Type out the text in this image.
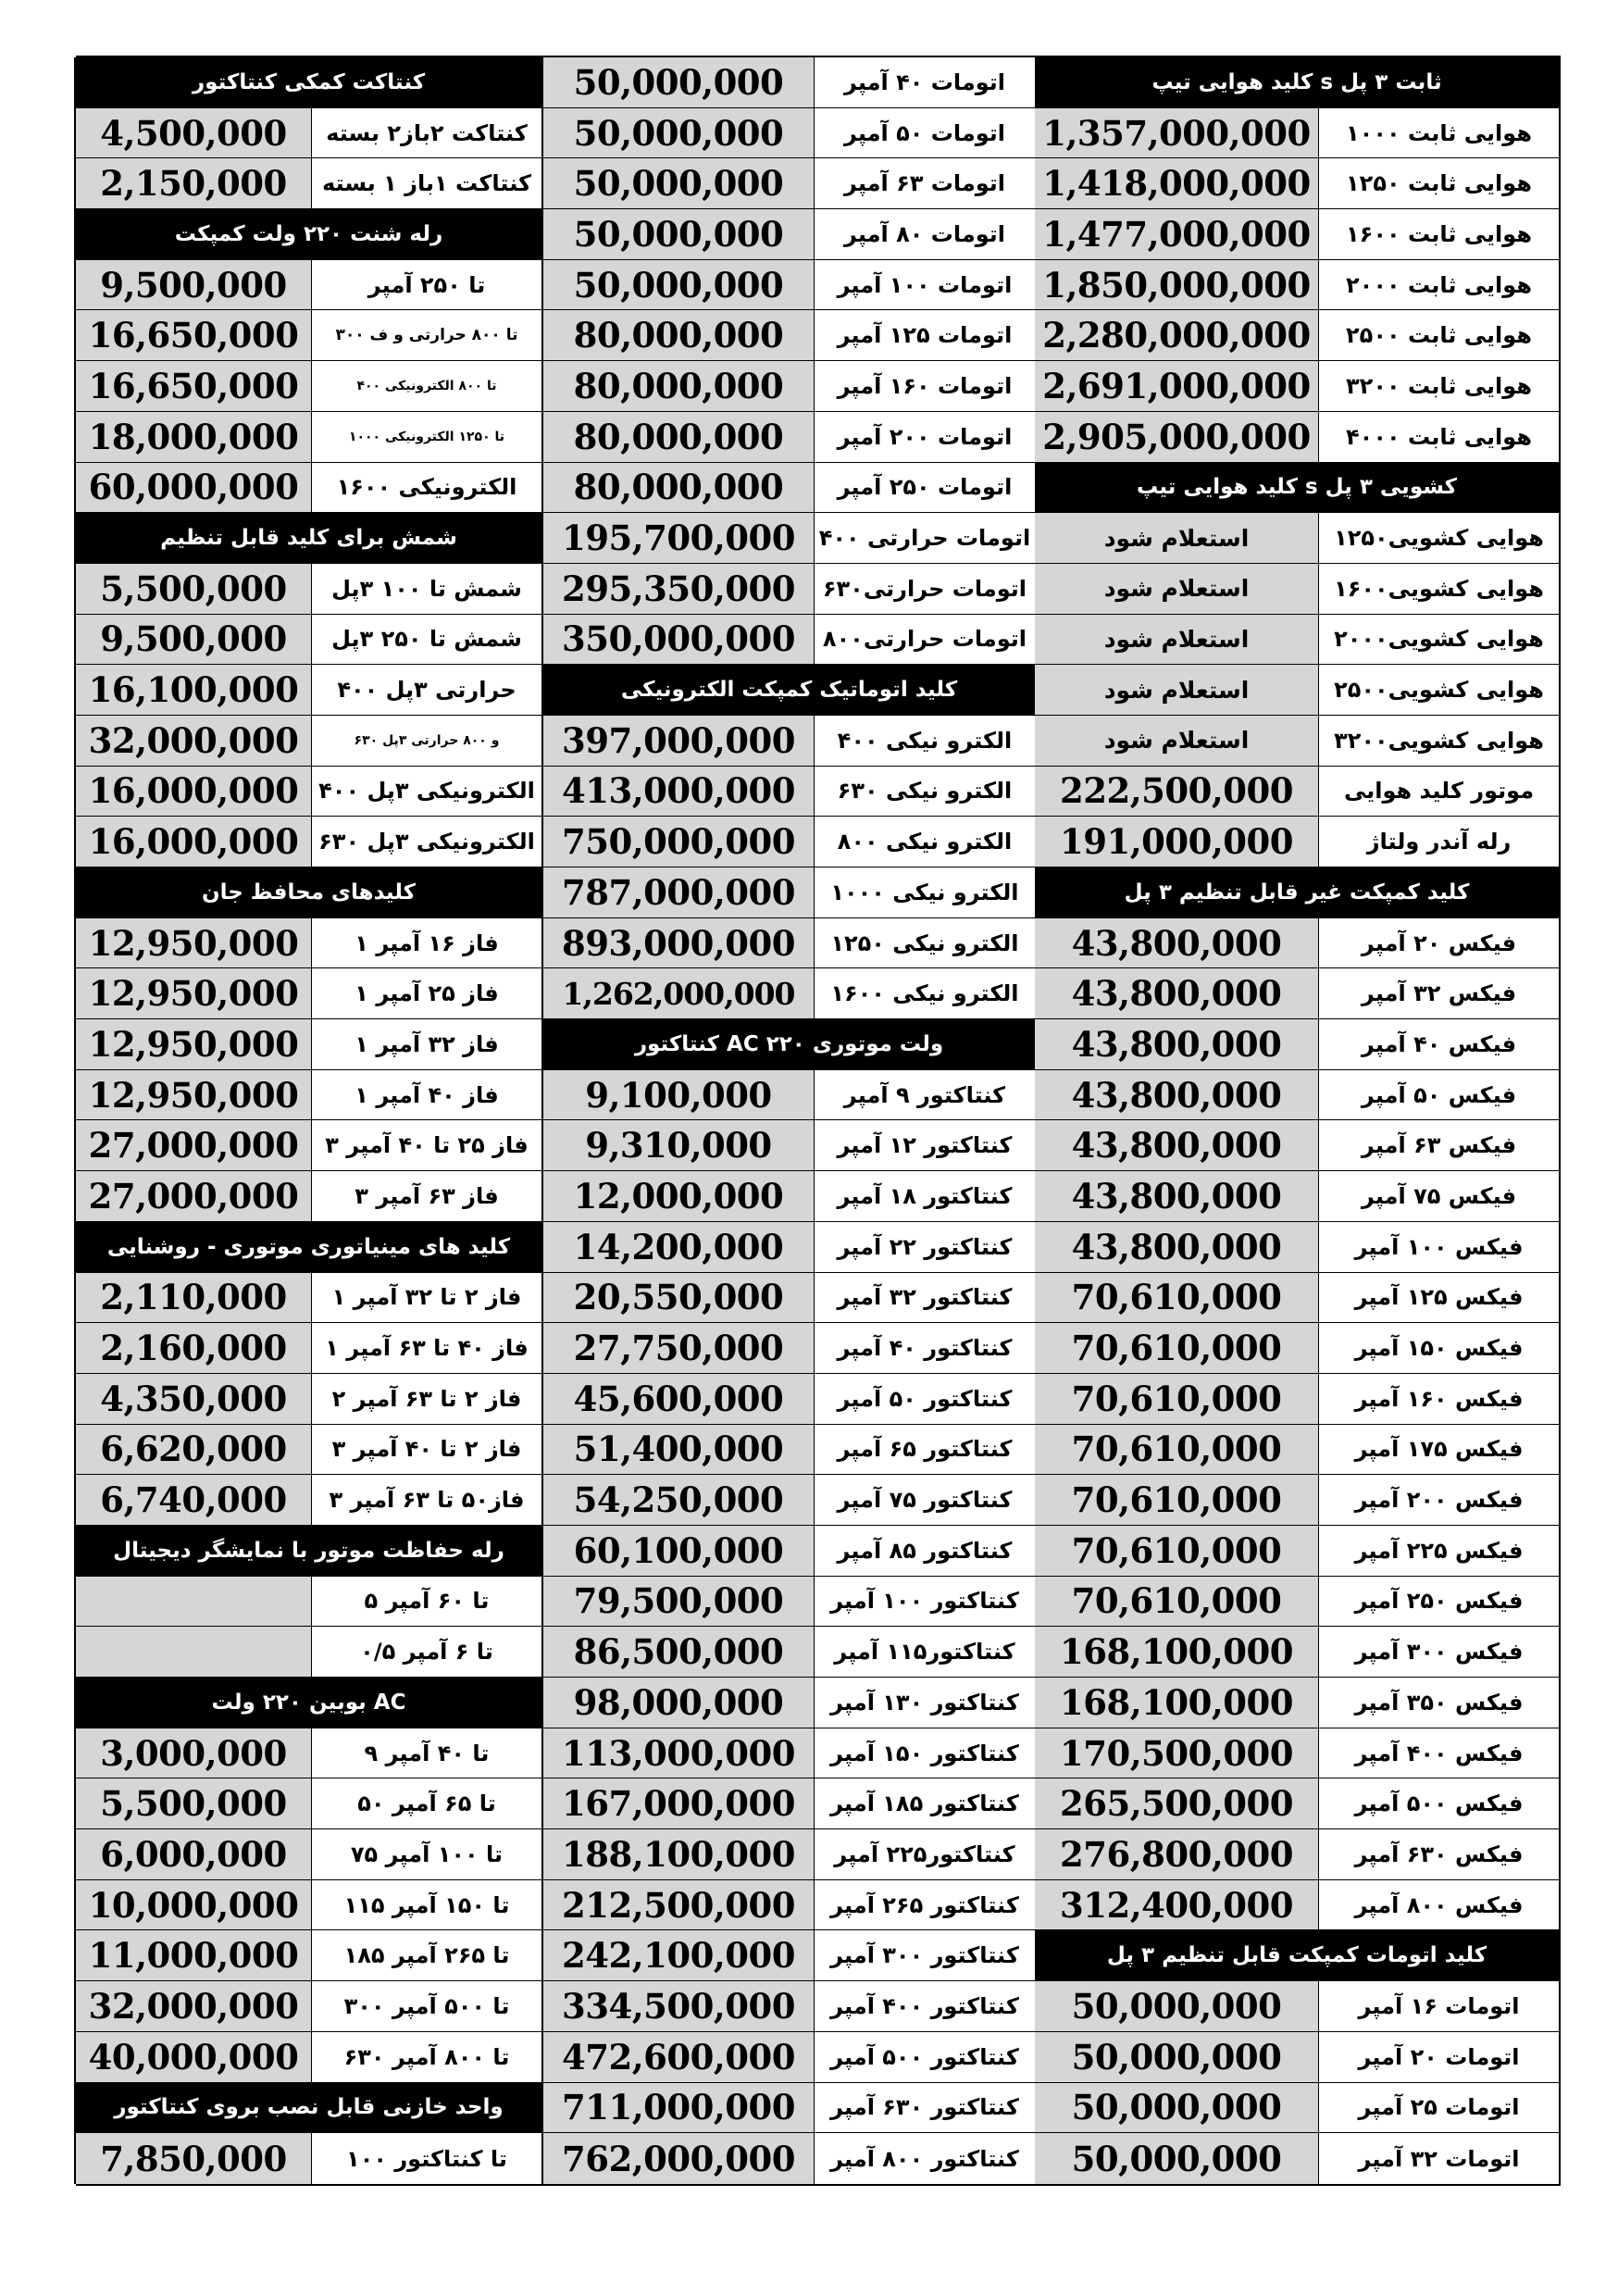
کلید هوایی تیپ s ثابت ۳ پل
1,357,000,000	هوایی ثابت ۱۰۰۰
1,418,000,000	هوایی ثابت ۱۲۵۰
1,477,000,000	هوایی ثابت ۱۶۰۰
1,850,000,000	هوایی ثابت ۲۰۰۰
2,280,000,000	هوایی ثابت ۲۵۰۰
2,691,000,000	هوایی ثابت ۳۲۰۰
2,905,000,000	هوایی ثابت ۴۰۰۰
کلید هوایی تیپ s کشویی ۳ پل
استعلام شود	هوایی کشویی۱۲۵۰
استعلام شود	هوایی کشویی۱۶۰۰
استعلام شود	هوایی کشویی۲۰۰۰
استعلام شود	هوایی کشویی۲۵۰۰
استعلام شود	هوایی کشویی۳۲۰۰
222,500,000	موتور کلید هوایی
191,000,000	رله آندر ولتاژ
کلید کمپکت غیر قابل تنظیم ۳ پل
43,800,000	فیکس ۲۰ آمپر
43,800,000	فیکس ۳۲ آمپر
43,800,000	فیکس ۴۰ آمپر
43,800,000	فیکس ۵۰ آمپر
43,800,000	فیکس ۶۳ آمپر
43,800,000	فیکس ۷۵ آمپر
43,800,000	فیکس ۱۰۰ آمپر
70,610,000	فیکس ۱۲۵ آمپر
70,610,000	فیکس ۱۵۰ آمپر
70,610,000	فیکس ۱۶۰ آمپر
70,610,000	فیکس ۱۷۵ آمپر
70,610,000	فیکس ۲۰۰ آمپر
70,610,000	فیکس ۲۲۵ آمپر
70,610,000	فیکس ۲۵۰ آمپر
168,100,000	فیکس ۳۰۰ آمپر
168,100,000	فیکس ۳۵۰ آمپر
170,500,000	فیکس ۴۰۰ آمپر
265,500,000	فیکس ۵۰۰ آمپر
276,800,000	فیکس ۶۳۰ آمپر
312,400,000	فیکس ۸۰۰ آمپر
کلید اتومات کمپکت قابل تنظیم ۳ پل
50,000,000	اتومات ۱۶ آمپر
50,000,000	اتومات ۲۰ آمپر
50,000,000	اتومات ۲۵ آمپر
50,000,000	اتومات ۳۲ آمپر
50,000,000	اتومات ۴۰ آمپر
50,000,000	اتومات ۵۰ آمپر
50,000,000	اتومات ۶۳ آمپر
50,000,000	اتومات ۸۰ آمپر
50,000,000	اتومات ۱۰۰ آمپر
80,000,000	اتومات ۱۲۵ آمپر
80,000,000	اتومات ۱۶۰ آمپر
80,000,000	اتومات ۲۰۰ آمپر
80,000,000	اتومات ۲۵۰ آمپر
195,700,000	اتومات حرارتی ۴۰۰
295,350,000	اتومات حرارتی۶۳۰
350,000,000	اتومات حرارتی۸۰۰
کلید اتوماتیک کمپکت الکترونیکی
397,000,000	الکترو نیکی ۴۰۰
413,000,000	الکترو نیکی ۶۳۰
750,000,000	الکترو نیکی ۸۰۰
787,000,000	الکترو نیکی ۱۰۰۰
893,000,000	الکترو نیکی ۱۲۵۰
1,262,000,000	الکترو نیکی ۱۶۰۰
کنتاکتور AC ۲۲۰ ولت موتوری
9,100,000	کنتاکتور ۹ آمپر
9,310,000	کنتاکتور ۱۲ آمپر
12,000,000	کنتاکتور ۱۸ آمپر
14,200,000	کنتاکتور ۲۲ آمپر
20,550,000	کنتاکتور ۳۲ آمپر
27,750,000	کنتاکتور ۴۰ آمپر
45,600,000	کنتاکتور ۵۰ آمپر
51,400,000	کنتاکتور ۶۵ آمپر
54,250,000	کنتاکتور ۷۵ آمپر
60,100,000	کنتاکتور ۸۵ آمپر
79,500,000	کنتاکتور ۱۰۰ آمپر
86,500,000	کنتاکتور۱۱۵ آمپر
98,000,000	کنتاکتور ۱۳۰ آمپر
113,000,000	کنتاکتور ۱۵۰ آمپر
167,000,000	کنتاکتور ۱۸۵ آمپر
188,100,000	کنتاکتور۲۲۵ آمپر
212,500,000	کنتاکتور ۲۶۵ آمپر
242,100,000	کنتاکتور ۳۰۰ آمپر
334,500,000	کنتاکتور ۴۰۰ آمپر
472,600,000	کنتاکتور ۵۰۰ آمپر
711,000,000	کنتاکتور ۶۳۰ آمپر
762,000,000	کنتاکتور ۸۰۰ آمپر
کنتاکت کمکی کنتاکتور
4,500,000	کنتاکت ۲باز۲ بسته
2,150,000	کنتاکت ۱باز ۱ بسته
رله شنت ۲۲۰ ولت کمپکت
9,500,000	تا ۲۵۰ آمپر
16,650,000	۳۰۰ تا ۸۰۰ حرارتی و ف
16,650,000	۴۰۰ تا ۸۰۰ الکترونیکی
18,000,000	۱۰۰۰ تا ۱۲۵۰ الکترونیکی
60,000,000	۱۶۰۰ الکترونیکی
شمش برای کلید قابل تنظیم
5,500,000	شمش تا ۱۰۰ ۳پل
9,500,000	شمش تا ۲۵۰ ۳پل
16,100,000	۴۰۰ حرارتی ۳پل
32,000,000	۶۳۰ و ۸۰۰ حرارتی ۳پل
16,000,000 ۴۰۰ الکترونیکی ۳پل
16,000,000 ۶۳۰ الکترونیکی ۳پل
کلیدهای محافظ جان
12,950,000	۱ فاز ۱۶ آمپر
12,950,000	۱ فاز ۲۵ آمپر
12,950,000	۱ فاز ۳۲ آمپر
12,950,000	۱ فاز ۴۰ آمپر
27,000,000	۳ فاز ۲۵ تا ۴۰ آمپر
27,000,000	۳ فاز ۶۳ آمپر
کلید های مینیاتوری موتوری - روشنایی
2,110,000	۱ فاز ۲ تا ۳۲ آمپر
2,160,000	۱ فاز ۴۰ تا ۶۳ آمپر
4,350,000	۲ فاز ۲ تا ۶۳ آمپر
6,620,000	۳ فاز ۲ تا ۴۰ آمپر
6,740,000	۳ فاز۵۰ تا ۶۳ آمپر
رله حفاظت موتور با نمایشگر دیجیتال
۵ تا ۶۰ آمپر
۰/۵ تا ۶ آمپر
بوبین ۲۲۰ ولت AC
3,000,000	۹ تا ۴۰ آمپر
5,500,000	۵۰ تا ۶۵ آمپر
6,000,000	۷۵ تا ۱۰۰ آمپر
10,000,000	۱۱۵ تا ۱۵۰ آمپر
11,000,000	۱۸۵ تا ۲۶۵ آمپر
32,000,000	۳۰۰ تا ۵۰۰ آمپر
40,000,000	۶۳۰ تا ۸۰۰ آمپر
واحد خازنی قابل نصب بروی کنتاکتور
7,850,000	تا کنتاکتور ۱۰۰
